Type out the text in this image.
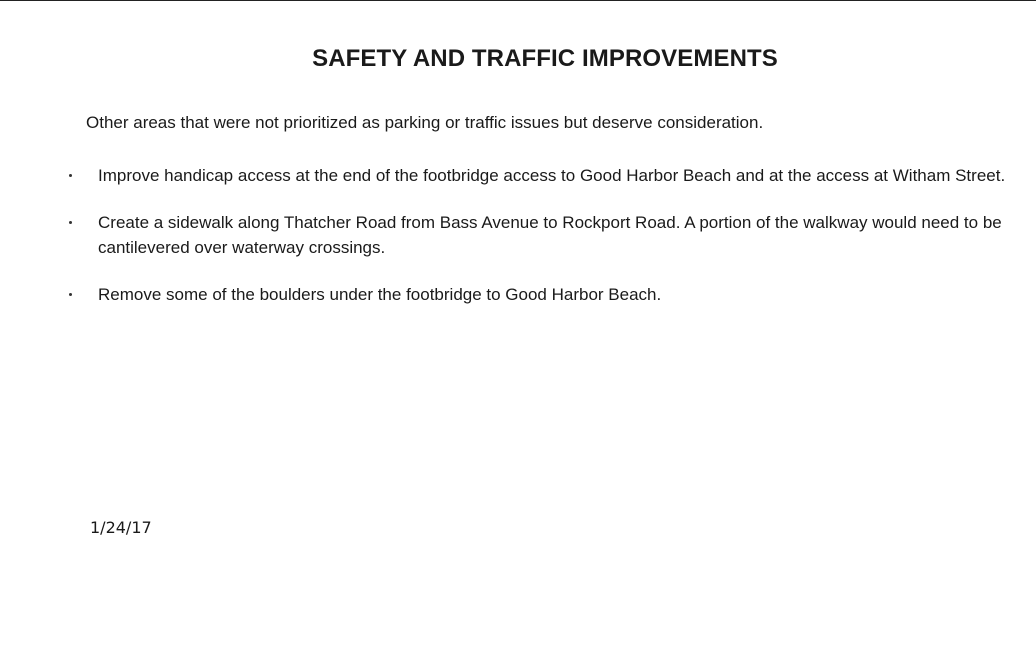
SAFETY AND TRAFFIC IMPROVEMENTS
Other areas that were not prioritized as parking or traffic issues but deserve consideration.
Improve handicap access at the end of the footbridge access to Good Harbor Beach and at the access at Witham Street.
Create a sidewalk along Thatcher Road from Bass Avenue to Rockport Road. A portion of the walkway would need to be cantilevered over waterway crossings.
Remove some of the boulders under the footbridge to Good Harbor Beach.
1/24/17
